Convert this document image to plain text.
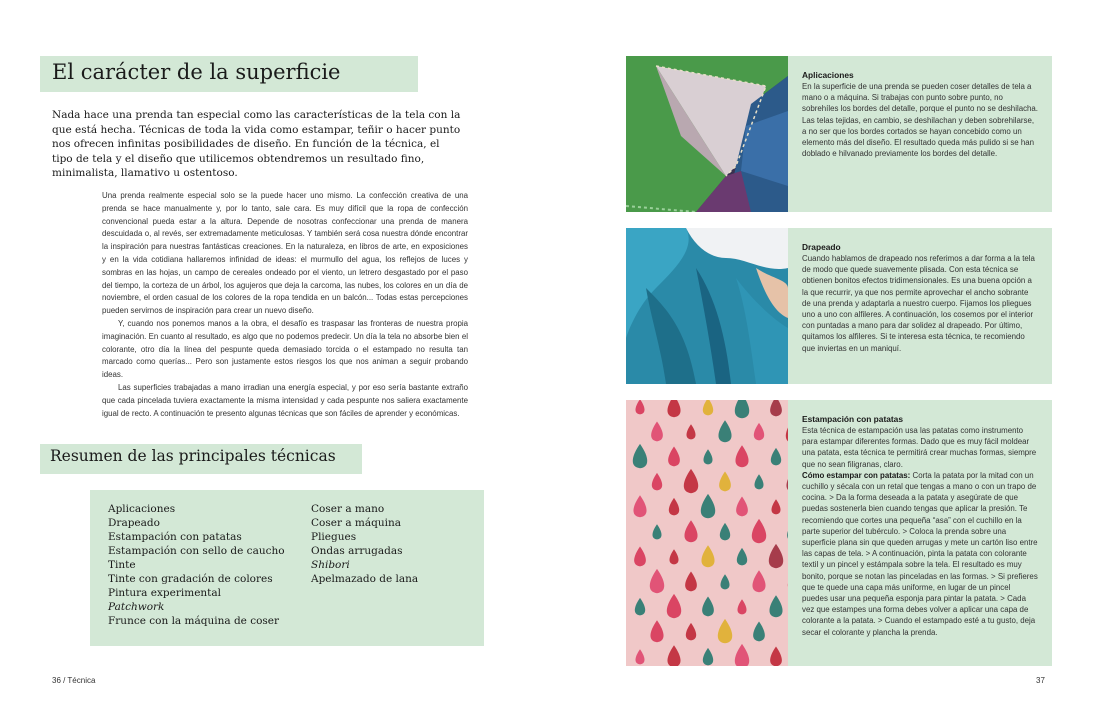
El carácter de la superficie

Nada hace una prenda tan especial como las características de la tela con la que está hecha. Técnicas de toda la vida como estampar, teñir o hacer punto nos ofrecen infinitas posibilidades de diseño. En función de la técnica, el tipo de tela y el diseño que utilicemos obtendremos un resultado fino, minimalista, llamativo u ostentoso.

Una prenda realmente especial solo se la puede hacer uno mismo. La confección creativa de una prenda se hace manualmente y, por lo tanto, sale cara. Es muy difícil que la ropa de confección convencional pueda estar a la altura. Depende de nosotras confeccionar una prenda de manera descuidada o, al revés, ser extremadamente meticulosas. Y también será cosa nuestra dónde encontrar la inspiración para nuestras fantásticas creaciones. En la naturaleza, en libros de arte, en exposiciones y en la vida cotidiana hallaremos infinidad de ideas: el murmullo del agua, los reflejos de luces y sombras en las hojas, un campo de cereales ondeado por el viento, un letrero desgastado por el paso del tiempo, la corteza de un árbol, los agujeros que deja la carcoma, las nubes, los colores en un día de noviembre, el orden casual de los colores de la ropa tendida en un balcón... Todas estas percepciones pueden servirnos de inspiración para crear un nuevo diseño.

Y, cuando nos ponemos manos a la obra, el desafío es traspasar las fronteras de nuestra propia imaginación. En cuanto al resultado, es algo que no podemos predecir. Un día la tela no absorbe bien el colorante, otro día la línea del pespunte queda demasiado torcida o el estampado no resulta tan marcado como querías... Pero son justamente estos riesgos los que nos animan a seguir probando ideas.

Las superficies trabajadas a mano irradian una energía especial, y por eso sería bastante extraño que cada pincelada tuviera exactamente la misma intensidad y cada pespunte nos saliera exactamente igual de recto. A continuación te presento algunas técnicas que son fáciles de aprender y económicas.

Resumen de las principales técnicas
Aplicaciones
Drapeado
Estampación con patatas
Estampación con sello de caucho
Tinte
Tinte con gradación de colores
Pintura experimental
Patchwork
Frunce con la máquina de coser
Coser a mano
Coser a máquina
Pliegues
Ondas arrugadas
Shibori
Apelmazado de lana
36 / Técnica
Aplicaciones

En la superficie de una prenda se pueden coser detalles de tela a mano o a máquina. Si trabajas con punto sobre punto, no sobrehíles los bordes del detalle, porque el punto no se deshilacha. Las telas tejidas, en cambio, se deshilachan y deben sobrehilarse, a no ser que los bordes cortados se hayan concebido como un elemento más del diseño. El resultado queda más pulido si se han doblado e hilvanado previamente los bordes del detalle.

Drapeado

Cuando hablamos de drapeado nos referimos a dar forma a la tela de modo que quede suavemente plisada. Con esta técnica se obtienen bonitos efectos tridimensionales. Es una buena opción a la que recurrir, ya que nos permite aprovechar el ancho sobrante de una prenda y adaptarla a nuestro cuerpo. Fijamos los pliegues uno a uno con alfileres. A continuación, los cosemos por el interior con puntadas a mano para dar solidez al drapeado. Por último, quitamos los alfileres. Si te interesa esta técnica, te recomiendo que inviertas en un maniquí.

Estampación con patatas

Esta técnica de estampación usa las patatas como instrumento para estampar diferentes formas. Dado que es muy fácil moldear una patata, esta técnica te permitirá crear muchas formas, siempre que no sean filigranas, claro.
Cómo estampar con patatas: Corta la patata por la mitad con un cuchillo y sécala con un retal que tengas a mano o con un trapo de cocina. > Da la forma deseada a la patata y asegúrate de que puedas sostenerla bien cuando tengas que aplicar la presión. Te recomiendo que cortes una pequeña “asa” con el cuchillo en la parte superior del tubérculo. > Coloca la prenda sobre una superficie plana sin que queden arrugas y mete un cartón liso entre las capas de tela. > A continuación, pinta la patata con colorante textil y un pincel y estámpala sobre la tela. El resultado es muy bonito, porque se notan las pinceladas en las formas. > Si prefieres que te quede una capa más uniforme, en lugar de un pincel puedes usar una pequeña esponja para pintar la patata. > Cada vez que estampes una forma debes volver a aplicar una capa de colorante a la patata. > Cuando el estampado esté a tu gusto, deja secar el colorante y plancha la prenda.

37
